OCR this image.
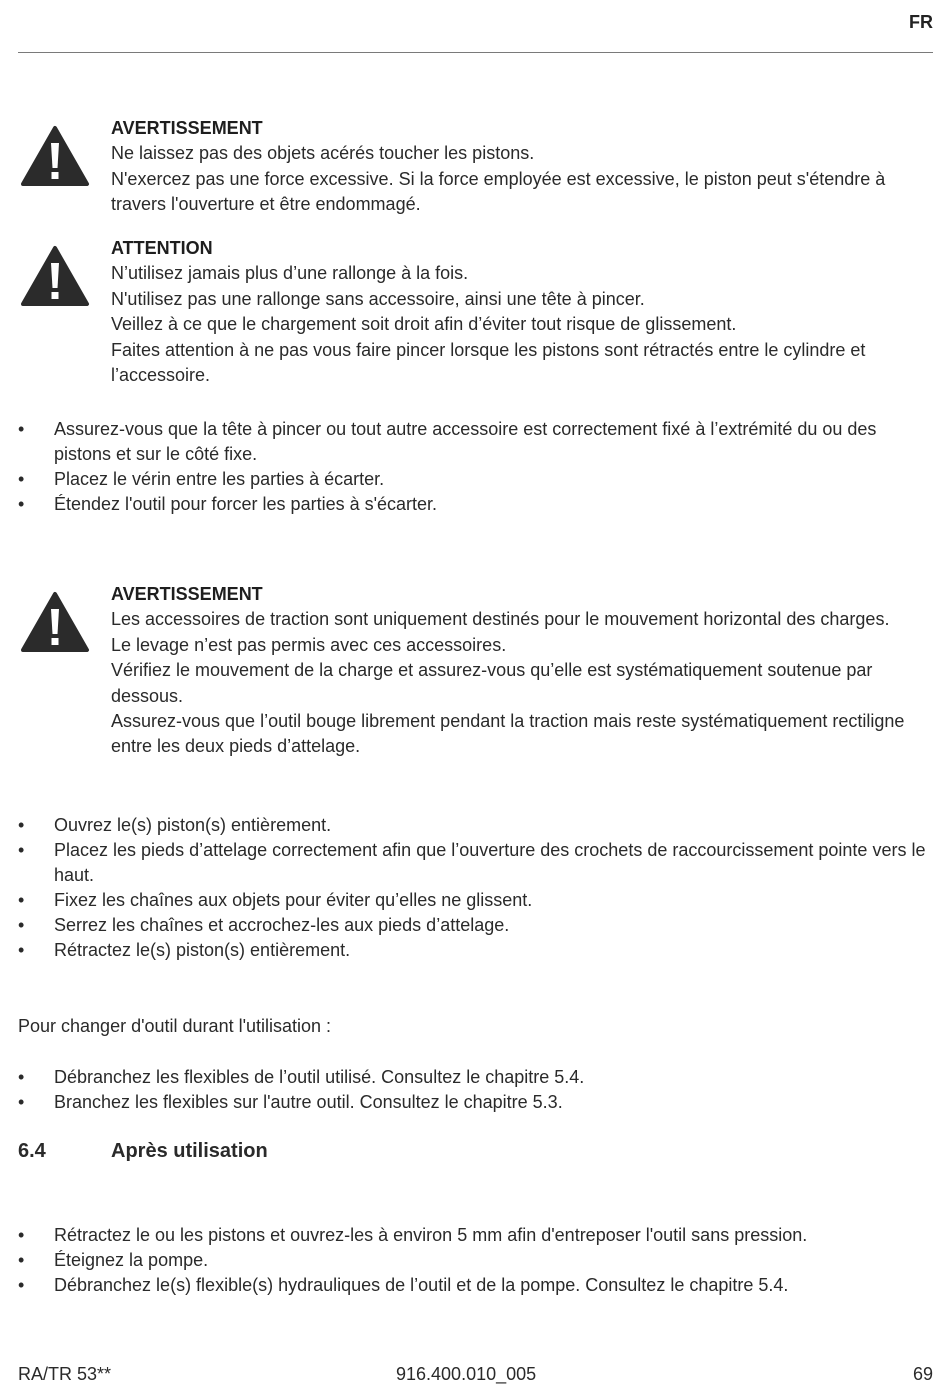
FR
AVERTISSEMENT
Ne laissez pas des objets acérés toucher les pistons.
N'exercez pas une force excessive. Si la force employée est excessive, le piston peut s'étendre à travers l'ouverture et être endommagé.
ATTENTION
N’utilisez jamais plus d’une rallonge à la fois.
N'utilisez pas une rallonge sans accessoire, ainsi une tête à pincer.
Veillez à ce que le chargement soit droit afin d’éviter tout risque de glissement.
Faites attention à ne pas vous faire pincer lorsque les pistons sont rétractés entre le cylindre et l’accessoire.
• Assurez-vous que la tête à pincer ou tout autre accessoire est correctement fixé à l’extrémité du ou des pistons et sur le côté fixe.
• Placez le vérin entre les parties à écarter.
• Étendez l'outil pour forcer les parties à s'écarter.
AVERTISSEMENT
Les accessoires de traction sont uniquement destinés pour le mouvement horizontal des charges.
Le levage n’est pas permis avec ces accessoires.
Vérifiez le mouvement de la charge et assurez-vous qu’elle est systématiquement soutenue par dessous.
Assurez-vous que l’outil bouge librement pendant la traction mais reste systématiquement rectiligne entre les deux pieds d’attelage.
• Ouvrez le(s) piston(s) entièrement.
• Placez les pieds d’attelage correctement afin que l’ouverture des crochets de raccourcissement pointe vers le haut.
• Fixez les chaînes aux objets pour éviter qu’elles ne glissent.
• Serrez les chaînes et accrochez-les aux pieds d’attelage.
• Rétractez le(s) piston(s) entièrement.
Pour changer d'outil durant l'utilisation :
• Débranchez les flexibles de l’outil utilisé. Consultez le chapitre 5.4.
• Branchez les flexibles sur l'autre outil. Consultez le chapitre 5.3.
6.4	Après utilisation
• Rétractez le ou les pistons et ouvrez-les à environ 5 mm afin d'entreposer l'outil sans pression.
• Éteignez la pompe.
• Débranchez le(s) flexible(s) hydrauliques de l’outil et de la pompe. Consultez le chapitre 5.4.
RA/TR 53**	916.400.010_005	69
